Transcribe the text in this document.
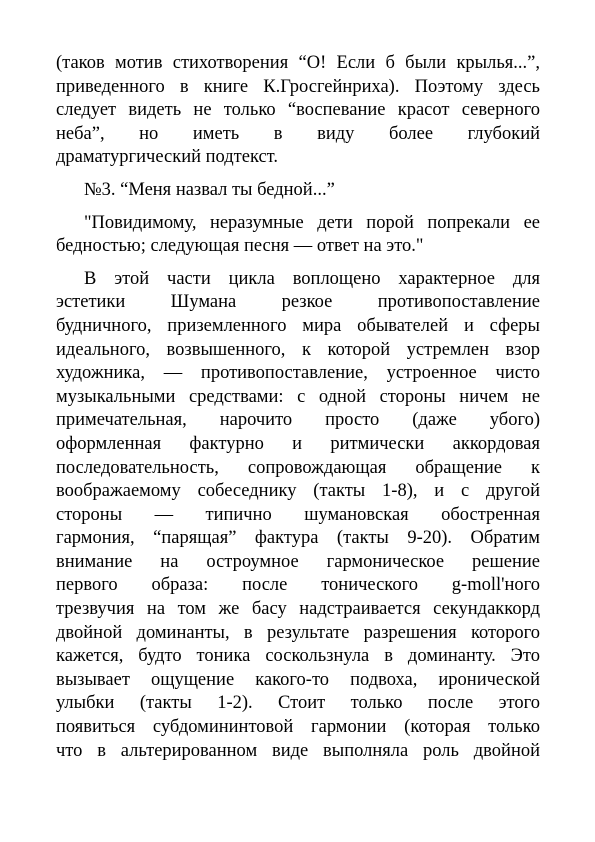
(таков мотив стихотворения “О! Если б были крылья...”,
приведенного в книге К.Гросгейнриха). Поэтому здесь
следует видеть не только “воспевание красот северного
неба”, но иметь в виду более глубокий
драматургический подтекст.
№3. “Меня назвал ты бедной...”
"Повидимому, неразумные дети порой попрекали ее
бедностью; следующая песня — ответ на это."
В этой части цикла воплощено характерное для
эстетики Шумана резкое противопоставление
будничного, приземленного мира обывателей и сферы
идеального, возвышенного, к которой устремлен взор
художника, — противопоставление, устроенное чисто
музыкальными средствами: с одной стороны ничем не
примечательная, нарочито просто (даже убого)
оформленная фактурно и ритмически аккордовая
последовательность, сопровождающая обращение к
воображаемому собеседнику (такты 1-8), и с другой
стороны — типично шумановская обостренная
гармония, “парящая” фактура (такты 9-20). Обратим
внимание на остроумное гармоническое решение
первого образа: после тонического g-moll'ного
трезвучия на том же басу надстраивается секундаккорд
двойной доминанты, в результате разрешения которого
кажется, будто тоника соскользнула в доминанту. Это
вызывает ощущение какого-то подвоха, иронической
улыбки (такты 1-2). Стоит только после этого
появиться субдомининтовой гармонии (которая только
что в альтерированном виде выполняла роль двойной
